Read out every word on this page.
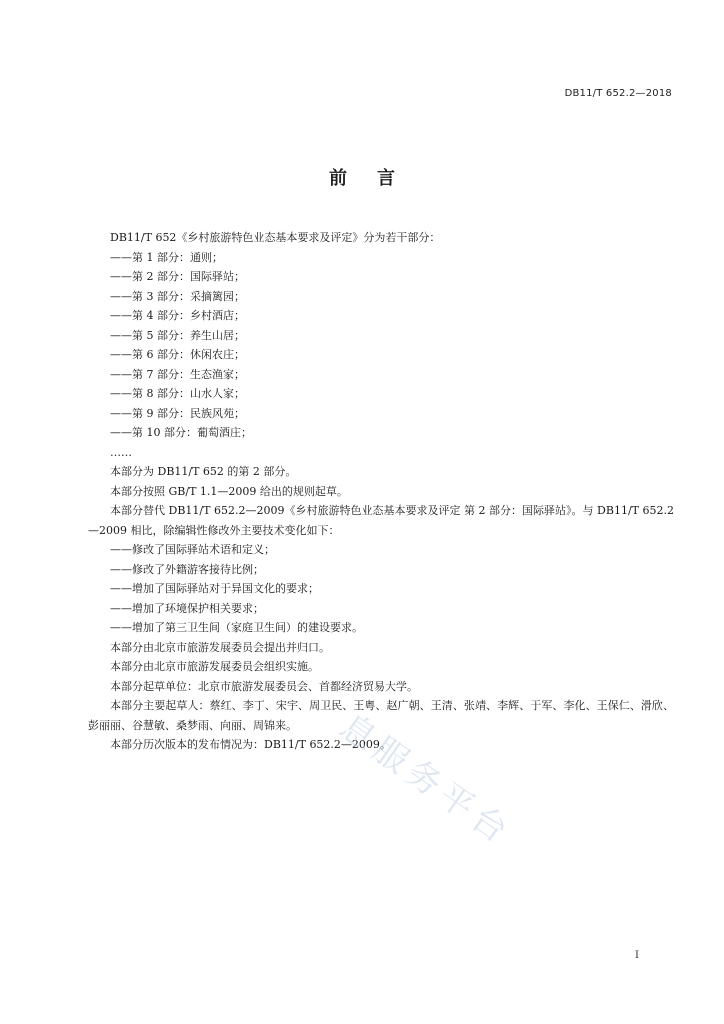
DB11/T 652.2—2018
前言

DB11/T 652《乡村旅游特色业态基本要求及评定》分为若干部分：

——第 1 部分：通则；

——第 2 部分：国际驿站；

——第 3 部分：采摘篱园；

——第 4 部分：乡村酒店；

——第 5 部分：养生山居；

——第 6 部分：休闲农庄；

——第 7 部分：生态渔家；

——第 8 部分：山水人家；

——第 9 部分：民族风苑；

——第 10 部分：葡萄酒庄；

……

本部分为 DB11/T 652 的第 2 部分。

本部分按照 GB/T 1.1—2009 给出的规则起草。

本部分替代 DB11/T 652.2—2009《乡村旅游特色业态基本要求及评定 第 2 部分：国际驿站》。与 DB11/T 652.2—2009 相比，除编辑性修改外主要技术变化如下：

——修改了国际驿站术语和定义；

——修改了外籍游客接待比例；

——增加了国际驿站对于异国文化的要求；

——增加了环境保护相关要求；

——增加了第三卫生间（家庭卫生间）的建设要求。

本部分由北京市旅游发展委员会提出并归口。

本部分由北京市旅游发展委员会组织实施。

本部分起草单位：北京市旅游发展委员会、首都经济贸易大学。

本部分主要起草人：蔡红、李丁、宋宇、周卫民、王粤、赵广朝、王清、张靖、李辉、于军、李化、王保仁、滑欣、彭丽丽、谷慧敏、桑梦雨、向丽、周锦来。

本部分历次版本的发布情况为：DB11/T 652.2—2009。

息服务平台
I
